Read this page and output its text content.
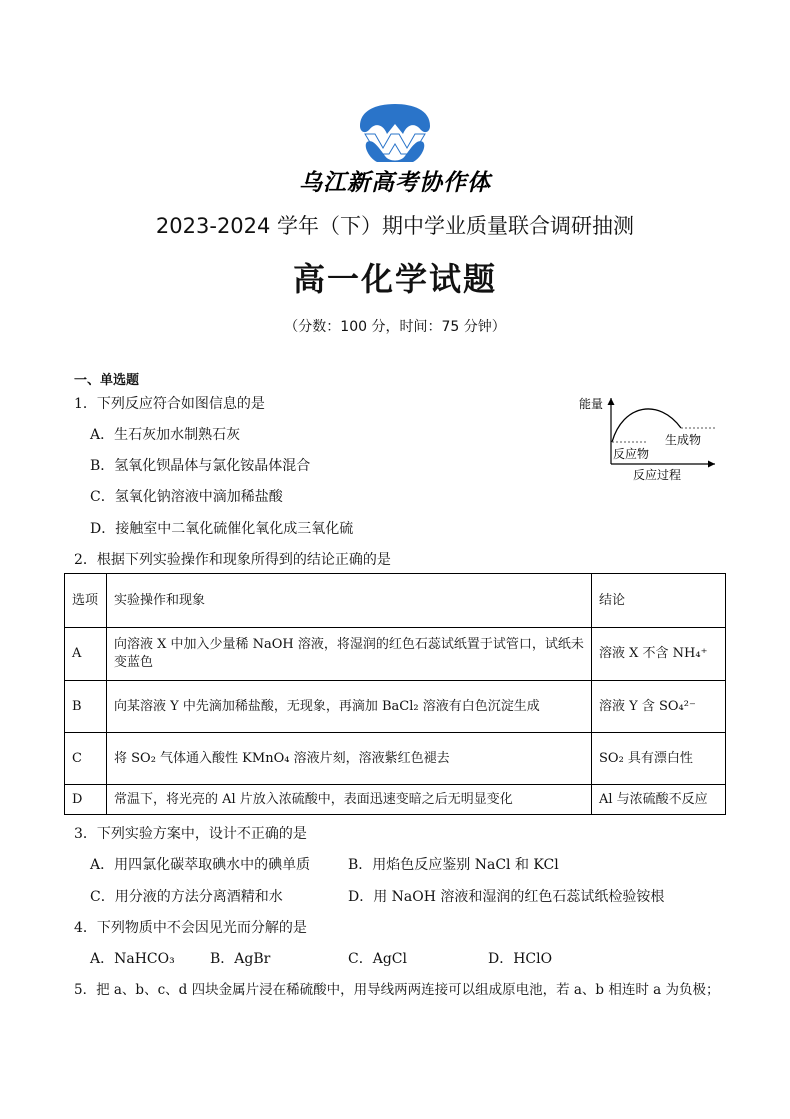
乌江新高考协作体
2023-2024 学年（下）期中学业质量联合调研抽测
高一化学试题
（分数：100 分，时间：75 分钟）
一、单选题
1．下列反应符合如图信息的是
A．生石灰加水制熟石灰
B．氢氧化钡晶体与氯化铵晶体混合
C．氢氧化钠溶液中滴加稀盐酸
D．接触室中二氧化硫催化氧化成三氧化硫
能量
反应物
生成物
反应过程
2．根据下列实验操作和现象所得到的结论正确的是
选项	实验操作和现象	结论
A	向溶液 X 中加入少量稀 NaOH 溶液，将湿润的红色石蕊试纸置于试管口，试纸未变蓝色	溶液 X 不含 NH₄⁺
B	向某溶液 Y 中先滴加稀盐酸，无现象，再滴加 BaCl₂ 溶液有白色沉淀生成	溶液 Y 含 SO₄²⁻
C	将 SO₂ 气体通入酸性 KMnO₄ 溶液片刻，溶液紫红色褪去	SO₂ 具有漂白性
D	常温下，将光亮的 Al 片放入浓硫酸中，表面迅速变暗之后无明显变化	Al 与浓硫酸不反应
3．下列实验方案中，设计不正确的是
A．用四氯化碳萃取碘水中的碘单质	B．用焰色反应鉴别 NaCl 和 KCl
C．用分液的方法分离酒精和水	D．用 NaOH 溶液和湿润的红色石蕊试纸检验铵根
4．下列物质中不会因见光而分解的是
A．NaHCO₃	B．AgBr	C．AgCl	D．HClO
5．把 a、b、c、d 四块金属片浸在稀硫酸中，用导线两两连接可以组成原电池，若 a、b 相连时 a 为负极；
